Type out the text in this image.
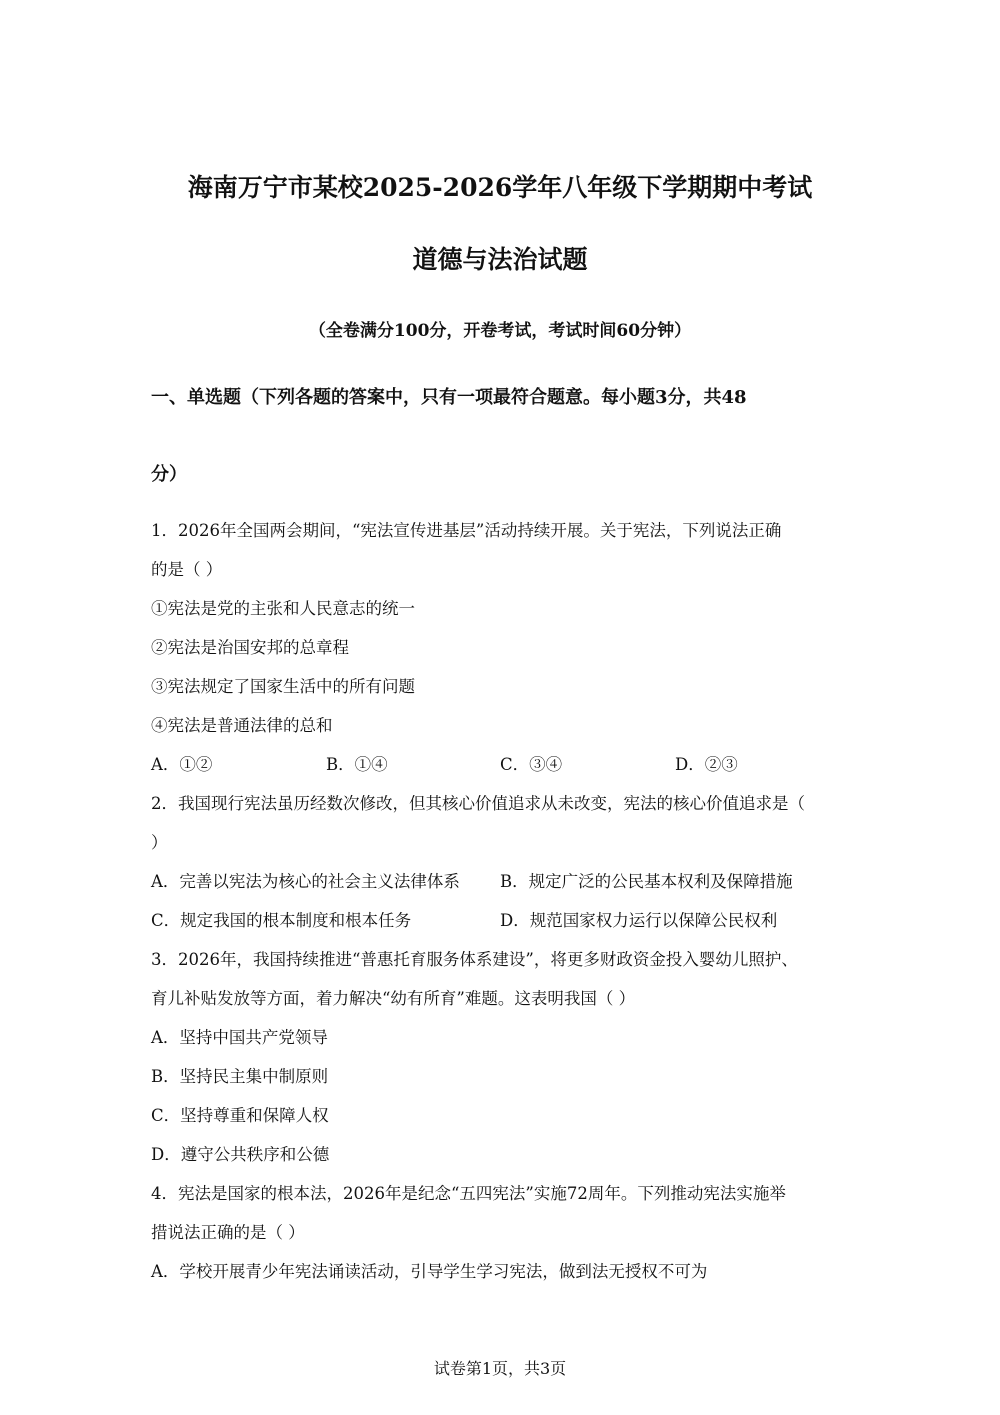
海南万宁市某校2025-2026学年八年级下学期期中考试
道德与法治试题
（全卷满分100分，开卷考试，考试时间60分钟）
一、单选题（下列各题的答案中，只有一项最符合题意。每小题3分，共48
分）
1．2026年全国两会期间，“宪法宣传进基层”活动持续开展。关于宪法，下列说法正确
的是（ ）
①宪法是党的主张和人民意志的统一
②宪法是治国安邦的总章程
③宪法规定了国家生活中的所有问题
④宪法是普通法律的总和
A．①②	B．①④	C．③④	D．②③
2．我国现行宪法虽历经数次修改，但其核心价值追求从未改变，宪法的核心价值追求是（
）
A．完善以宪法为核心的社会主义法律体系 B．规定广泛的公民基本权利及保障措施
C．规定我国的根本制度和根本任务	D．规范国家权力运行以保障公民权利
3．2026年，我国持续推进“普惠托育服务体系建设”，将更多财政资金投入婴幼儿照护、
育儿补贴发放等方面，着力解决“幼有所育”难题。这表明我国（ ）
A．坚持中国共产党领导
B．坚持民主集中制原则
C．坚持尊重和保障人权
D．遵守公共秩序和公德
4．宪法是国家的根本法，2026年是纪念“五四宪法”实施72周年。下列推动宪法实施举
措说法正确的是（ ）
A．学校开展青少年宪法诵读活动，引导学生学习宪法，做到法无授权不可为
试卷第1页，共3页
